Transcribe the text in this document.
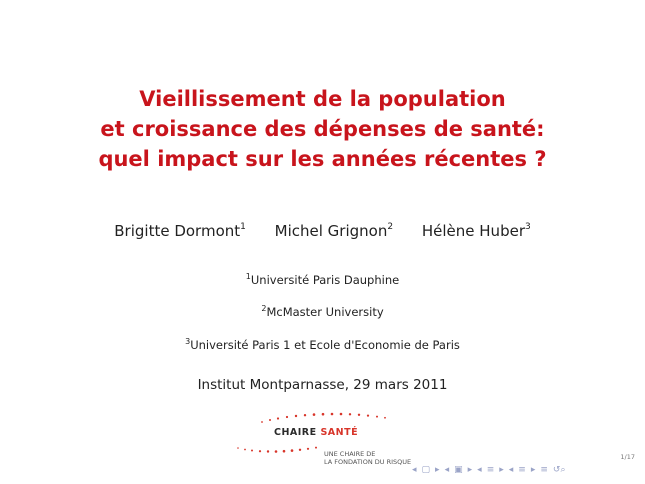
Vieillissement de la population
et croissance des dépenses de santé:
quel impact sur les années récentes ?
Brigitte Dormont$^1$ Michel Grignon$^2$ Hélène Huber$^3$
$^1$Université Paris Dauphine
$^2$McMaster University
$^3$Université Paris 1 et Ecole d'Economie de Paris
Institut Montparnasse, 29 mars 2011
CHAIRE SANTÉ
UNE CHAIRE DE
LA FONDATION DU RISQUE
1/17
◂ ▢ ▸ ◂ ▣ ▸ ◂ ≡ ▸ ◂ ≡ ▸ ≡ ↺⌕
